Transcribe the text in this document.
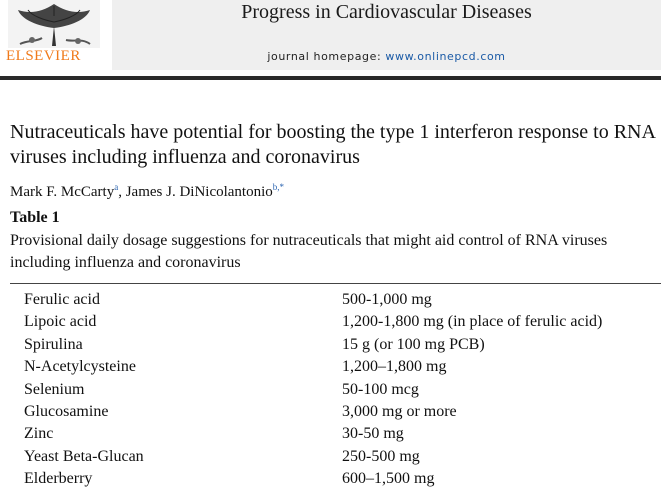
ELSEVIER
Progress in Cardiovascular Diseases
journal homepage: www.onlinepcd.com
Nutraceuticals have potential for boosting the type 1 interferon response to RNA viruses including influenza and coronavirus
Mark F. McCarty$^a$, James J. DiNicolantonio$^{b,*}$
Table 1
Provisional daily dosage suggestions for nutraceuticals that might aid control of RNA viruses including influenza and coronavirus
Ferulic acid	500-1,000 mg
Lipoic acid	1,200-1,800 mg (in place of ferulic acid)
Spirulina	15 g (or 100 mg PCB)
N-Acetylcysteine	1,200–1,800 mg
Selenium	50-100 mcg
Glucosamine	3,000 mg or more
Zinc	30-50 mg
Yeast Beta-Glucan	250-500 mg
Elderberry	600–1,500 mg
